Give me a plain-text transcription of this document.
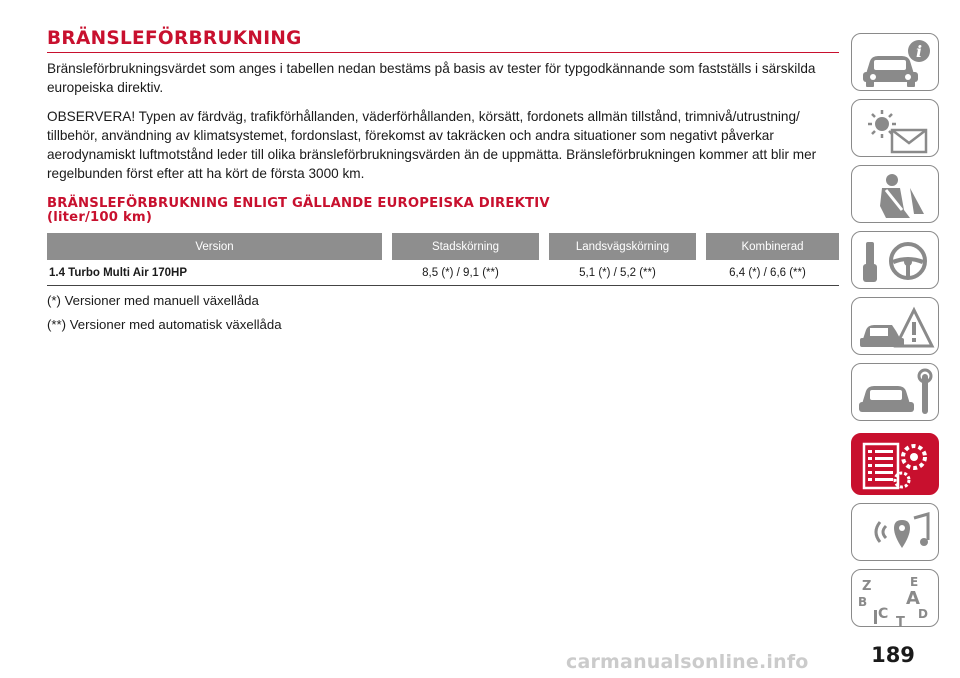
BRÄNSLEFÖRBRUKNING

Bränsleförbrukningsvärdet som anges i tabellen nedan bestäms på basis av tester för typgodkännande som fastställs i särskilda europeiska direktiv.

OBSERVERA! Typen av färdväg, trafikförhållanden, väderförhållanden, körsätt, fordonets allmän tillstånd, trimnivå/utrustning/ tillbehör, användning av klimatsystemet, fordonslast, förekomst av takräcken och andra situationer som negativt påverkar aerodynamiskt luftmotstånd leder till olika bränsleförbrukningsvärden än de uppmätta. Bränsleförbrukningen kommer att blir mer regelbunden först efter att ha kört de första 3000 km.

BRÄNSLEFÖRBRUKNING ENLIGT GÄLLANDE EUROPEISKA DIREKTIV
(liter/100 km)
Version	Stadskörning	Landsvägskörning	Kombinerad
1.4 Turbo Multi Air 170HP	8,5 (*) / 9,1 (**)	5,1 (*) / 5,2 (**)	6,4 (*) / 6,6 (**)

(*) Versioner med manuell växellåda

(**) Versioner med automatisk växellåda

i
Z	E
B A
C D
T
189
carmanualsonline.info
